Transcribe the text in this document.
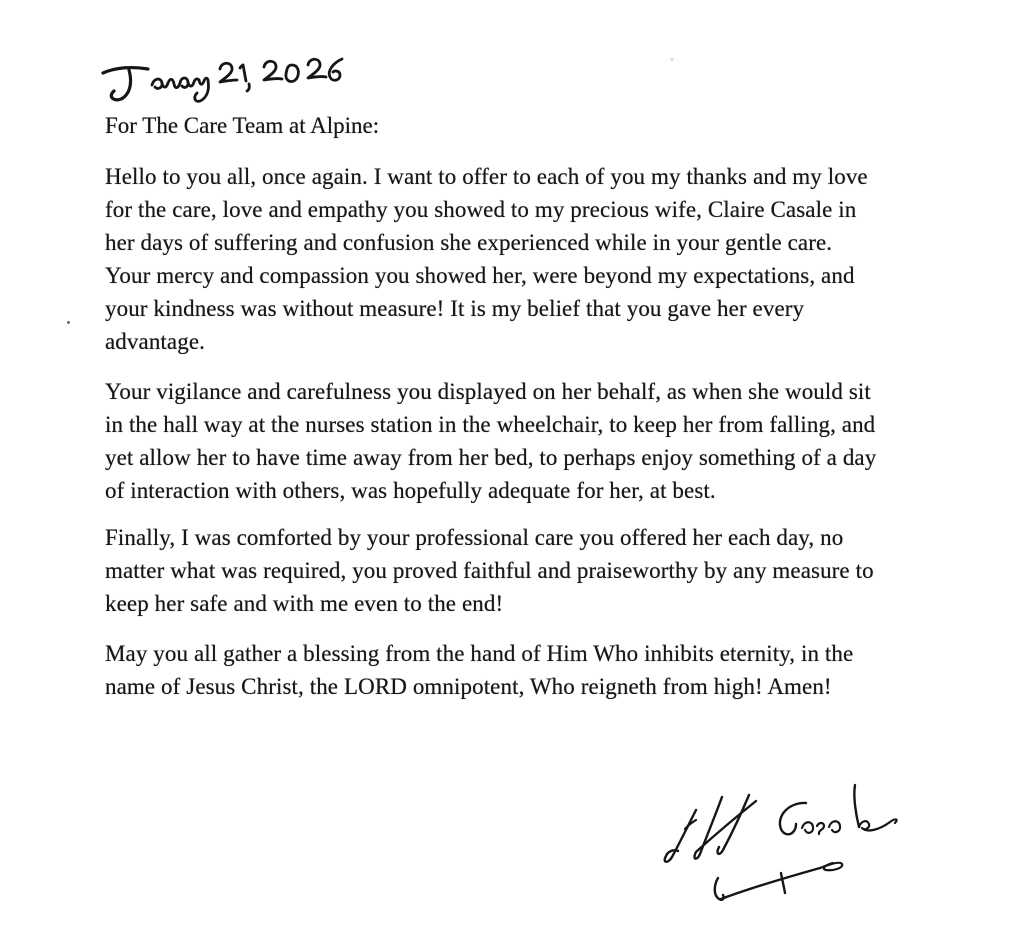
For The Care Team at Alpine:
Hello to you all, once again. I want to offer to each of you my thanks and my love
for the care, love and empathy you showed to my precious wife, Claire Casale in
her days of suffering and confusion she experienced while in your gentle care.
Your mercy and compassion you showed her, were beyond my expectations, and
your kindness was without measure! It is my belief that you gave her every
advantage.
Your vigilance and carefulness you displayed on her behalf, as when she would sit
in the hall way at the nurses station in the wheelchair, to keep her from falling, and
yet allow her to have time away from her bed, to perhaps enjoy something of a day
of interaction with others, was hopefully adequate for her, at best.
Finally, I was comforted by your professional care you offered her each day, no
matter what was required, you proved faithful and praiseworthy by any measure to
keep her safe and with me even to the end!
May you all gather a blessing from the hand of Him Who inhibits eternity, in the
name of Jesus Christ, the LORD omnipotent, Who reigneth from high! Amen!
